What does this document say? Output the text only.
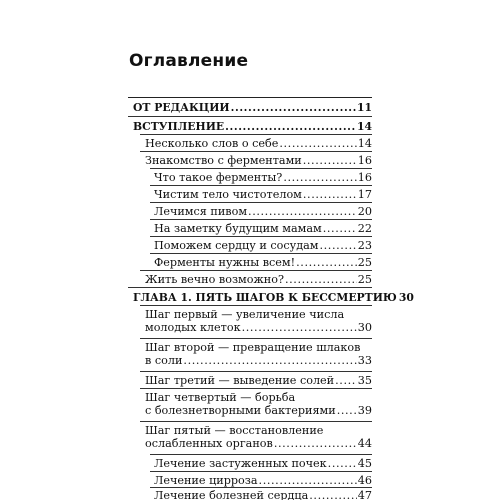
Оглавление
ОТ РЕДАКЦИИ .....	11
ВСТУПЛЕНИЕ .....	14
Несколько слов о себе .....	14
Знакомство с ферментами .....	16
Что такое ферменты? .....	16
Чистим тело чистотелом .....	17
Лечимся пивом .....	20
На заметку будущим мамам .....	22
Поможем сердцу и сосудам .....	23
Ферменты нужны всем! .....	25
Жить вечно возможно? .....	25
ГЛАВА 1. ПЯТЬ ШАГОВ К БЕССМЕРТИЮ 30
Шаг первый — увеличение числа
молодых клеток .....	30
Шаг второй — превращение шлаков
в соли .....	33
Шаг третий — выведение солей ..... 35
Шаг четвертый — борьба
с болезнетворными бактериями ..... 39
Шаг пятый — восстановление
ослабленных органов .....	44
Лечение застуженных почек .....	45
Лечение цирроза .....	46
Лечение болезней сердца .....	47
